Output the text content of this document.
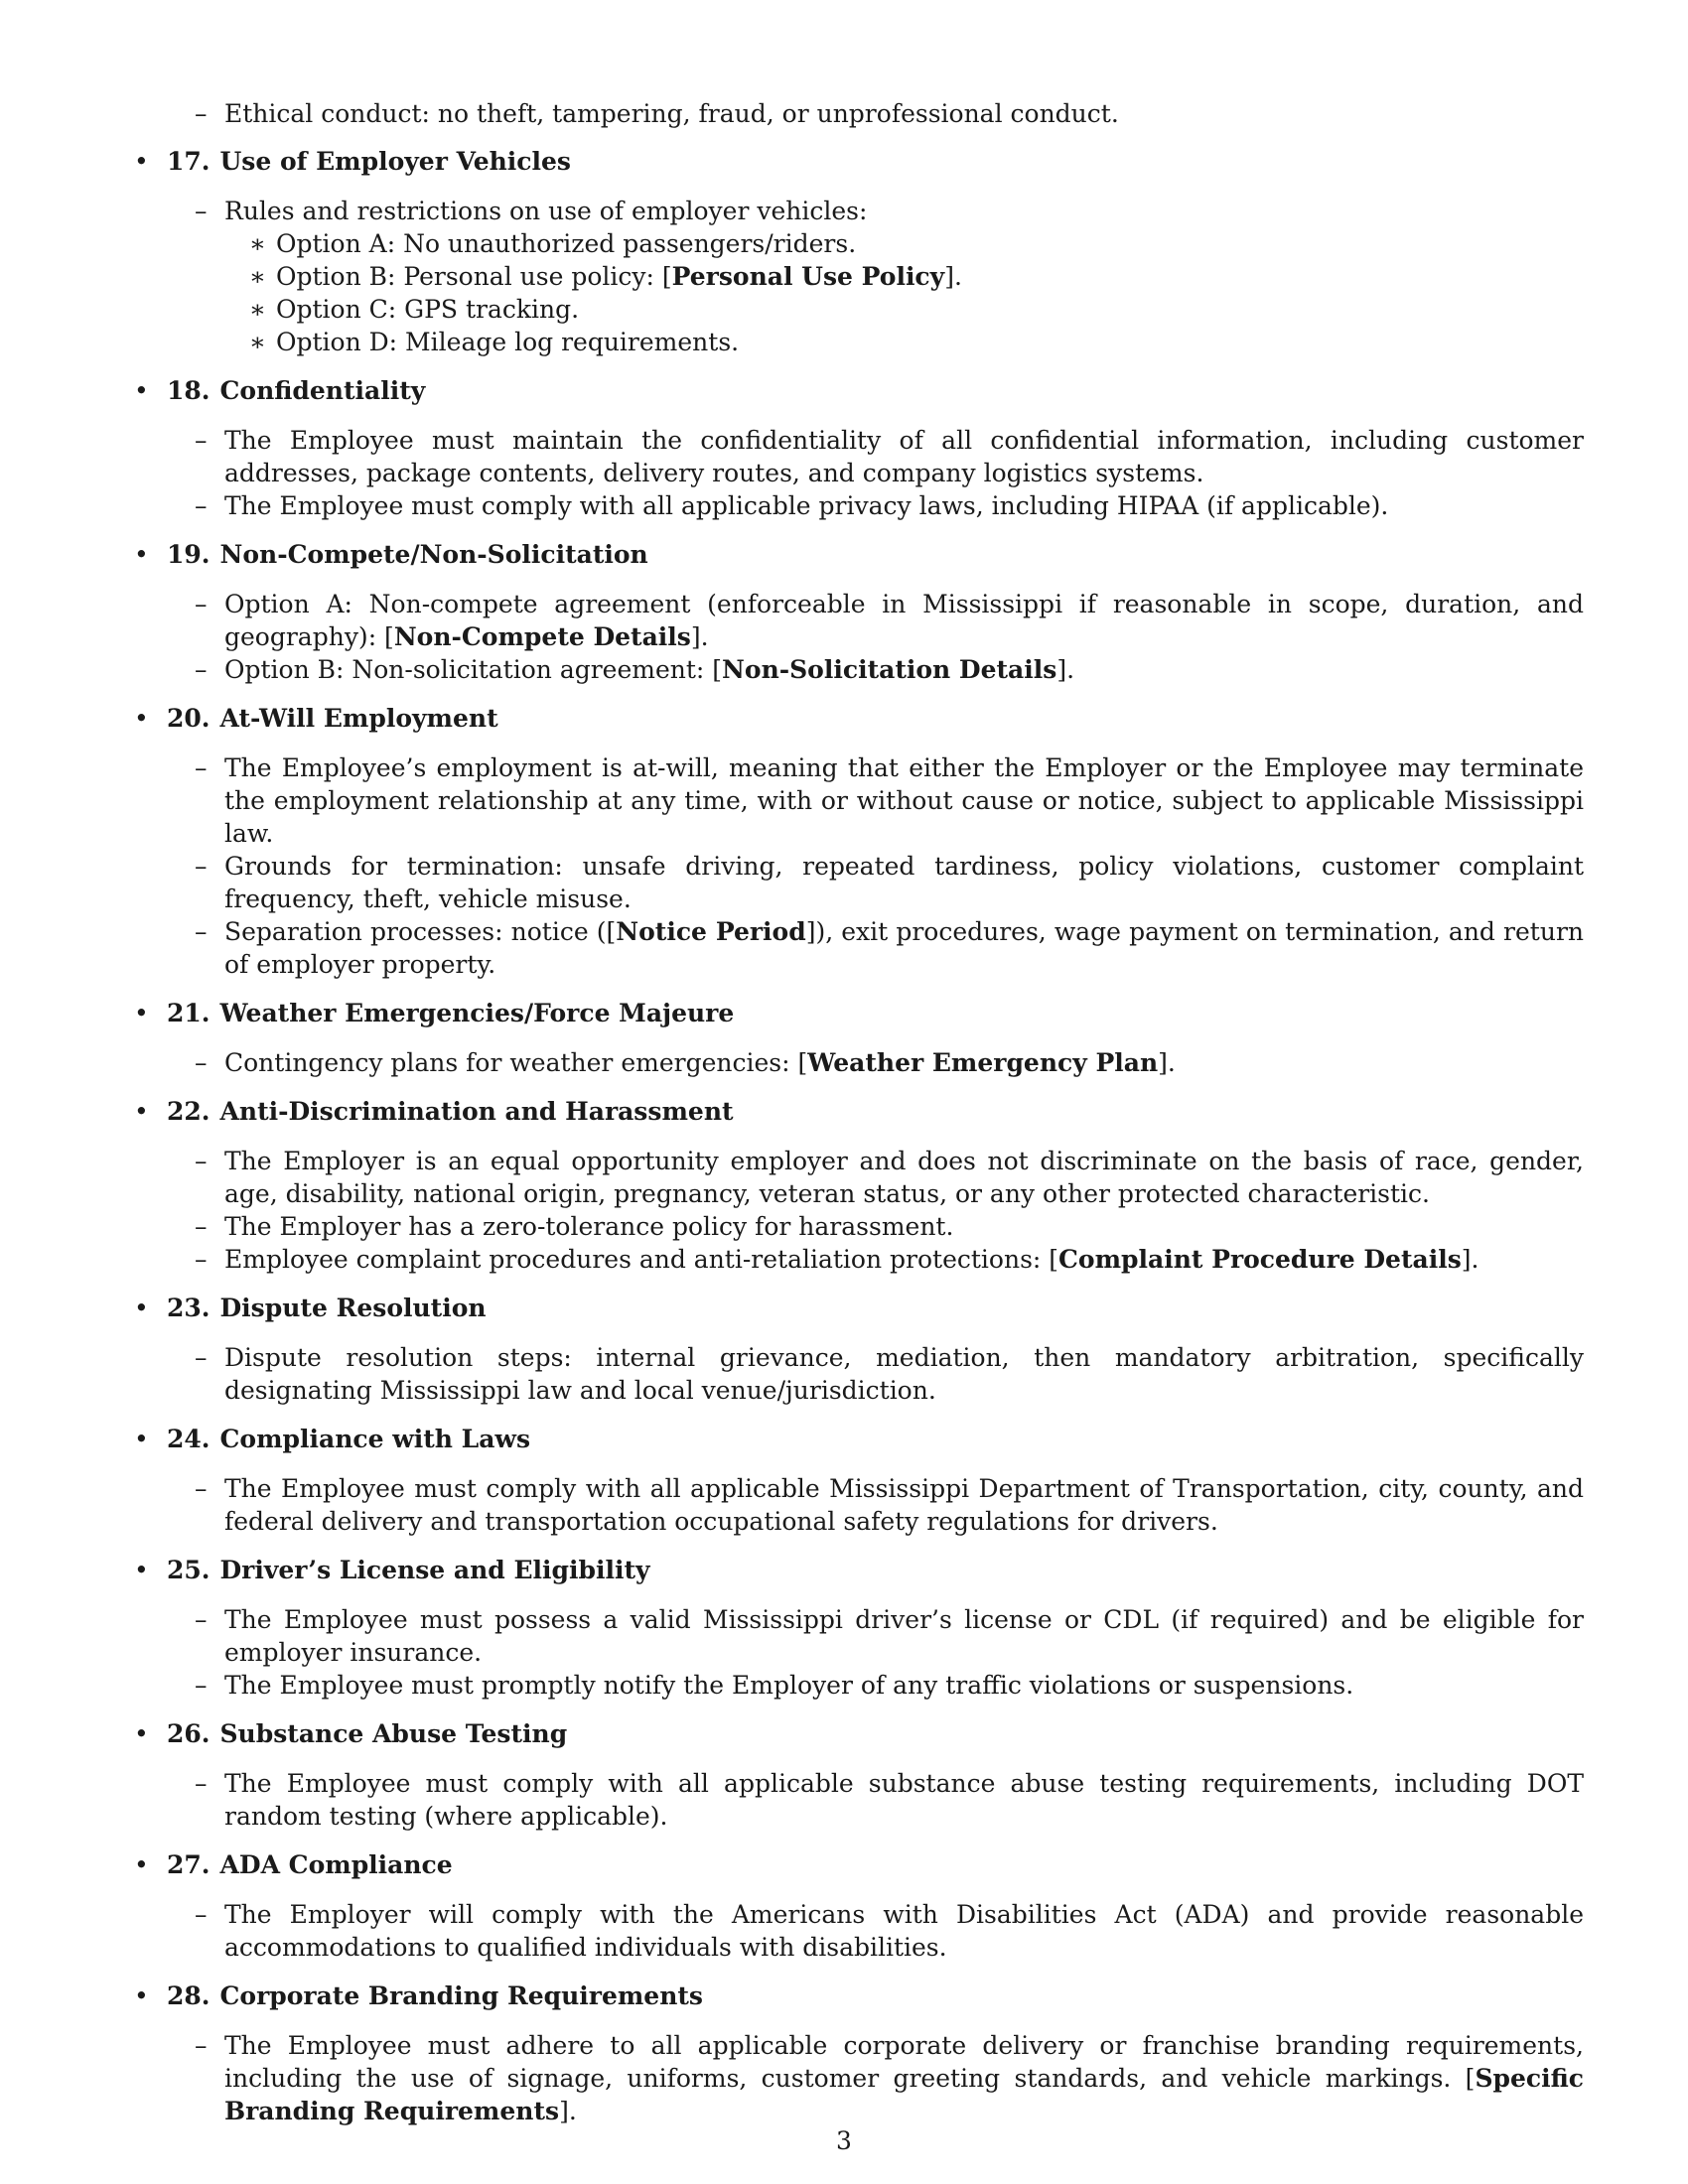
– Ethical conduct: no theft, tampering, fraud, or unprofessional conduct.
• 17. Use of Employer Vehicles
– Rules and restrictions on use of employer vehicles:
∗ Option A: No unauthorized passengers/riders.
∗ Option B: Personal use policy: [Personal Use Policy].
∗ Option C: GPS tracking.
∗ Option D: Mileage log requirements.
• 18. Confidentiality
– The Employee must maintain the confidentiality of all confidential information, including customer addresses, package contents, delivery routes, and company logistics systems.
– The Employee must comply with all applicable privacy laws, including HIPAA (if applicable).
• 19. Non-Compete/Non-Solicitation
– Option A: Non-compete agreement (enforceable in Mississippi if reasonable in scope, duration, and geography): [Non-Compete Details].
– Option B: Non-solicitation agreement: [Non-Solicitation Details].
• 20. At-Will Employment
– The Employee’s employment is at-will, meaning that either the Employer or the Employee may terminate the employment relationship at any time, with or without cause or notice, subject to applicable Mississippi law.
– Grounds for termination: unsafe driving, repeated tardiness, policy violations, customer complaint frequency, theft, vehicle misuse.
– Separation processes: notice ([Notice Period]), exit procedures, wage payment on termination, and return of employer property.
• 21. Weather Emergencies/Force Majeure
– Contingency plans for weather emergencies: [Weather Emergency Plan].
• 22. Anti-Discrimination and Harassment
– The Employer is an equal opportunity employer and does not discriminate on the basis of race, gender, age, disability, national origin, pregnancy, veteran status, or any other protected characteristic.
– The Employer has a zero-tolerance policy for harassment.
– Employee complaint procedures and anti-retaliation protections: [Complaint Procedure Details].
• 23. Dispute Resolution
– Dispute resolution steps: internal grievance, mediation, then mandatory arbitration, specifically designating Mississippi law and local venue/jurisdiction.
• 24. Compliance with Laws
– The Employee must comply with all applicable Mississippi Department of Transportation, city, county, and federal delivery and transportation occupational safety regulations for drivers.
• 25. Driver’s License and Eligibility
– The Employee must possess a valid Mississippi driver’s license or CDL (if required) and be eligible for employer insurance.
– The Employee must promptly notify the Employer of any traffic violations or suspensions.
• 26. Substance Abuse Testing
– The Employee must comply with all applicable substance abuse testing requirements, including DOT random testing (where applicable).
• 27. ADA Compliance
– The Employer will comply with the Americans with Disabilities Act (ADA) and provide reasonable accommodations to qualified individuals with disabilities.
• 28. Corporate Branding Requirements
– The Employee must adhere to all applicable corporate delivery or franchise branding requirements, including the use of signage, uniforms, customer greeting standards, and vehicle markings. [Specific Branding Requirements].
3
